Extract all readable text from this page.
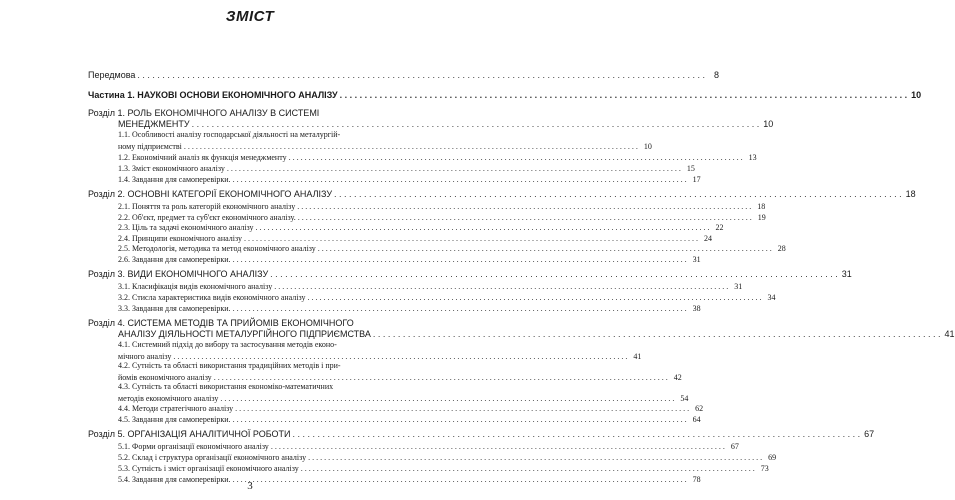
ЗМІСТ
Передмова . . .	8
Частина 1. НАУКОВІ ОСНОВИ ЕКОНОМІЧНОГО АНАЛІЗУ . . .	10
Розділ 1. РОЛЬ ЕКОНОМІЧНОГО АНАЛІЗУ В СИСТЕМІ
МЕНЕДЖМЕНТУ . . .	10
1.1. Особливості аналізу господарської діяльності на металургій-
ному підприємстві . . .	10
1.2. Економічний аналіз як функція менеджменту . . .	13
1.3. Зміст економічного аналізу . . .	15
1.4. Завдання для самоперевірки. . . .	17
Розділ 2. ОСНОВНІ КАТЕГОРІЇ ЕКОНОМІЧНОГО АНАЛІЗУ . . .	18
2.1. Поняття та роль категорій економічного аналізу . . .	18
2.2. Об'єкт, предмет та суб'єкт економічного аналізу. . . .	19
2.3. Ціль та задачі економічного аналізу . . .	22
2.4. Принципи економічного аналізу . . .	24
2.5. Методологія, методика та метод економічного аналізу . . .	28
2.6. Завдання для самоперевірки. . . .	31
Розділ 3. ВИДИ ЕКОНОМІЧНОГО АНАЛІЗУ . . .	31
3.1. Класифікація видів економічного аналізу . . .	31
3.2. Стисла характеристика видів економічного аналізу . . .	34
3.3. Завдання для самоперевірки. . . .	38
Розділ 4. СИСТЕМА МЕТОДІВ ТА ПРИЙОМІВ ЕКОНОМІЧНОГО
АНАЛІЗУ ДІЯЛЬНОСТІ МЕТАЛУРГІЙНОГО ПІДПРИЄМСТВА . . .	41
4.1. Системний підхід до вибору та застосування методів еконо-
мічного аналізу . . .	41
4.2. Сутність та області використання традиційних методів і при-
йомів економічного аналізу . . .	42
4.3. Сутність та області використання економіко-математичних
методів економічного аналізу . . .	54
4.4. Методи стратегічного аналізу . . .	62
4.5. Завдання для самоперевірки. . . .	64
Розділ 5. ОРГАНІЗАЦІЯ АНАЛІТИЧНОЇ РОБОТИ . . .	67
5.1. Форми організації економічного аналізу . . .	67
5.2. Склад і структура організації економічного аналізу . . .	69
5.3. Сутність і зміст організації економічного аналізу . . .	73
5.4. Завдання для самоперевірки. . . .	78
3
